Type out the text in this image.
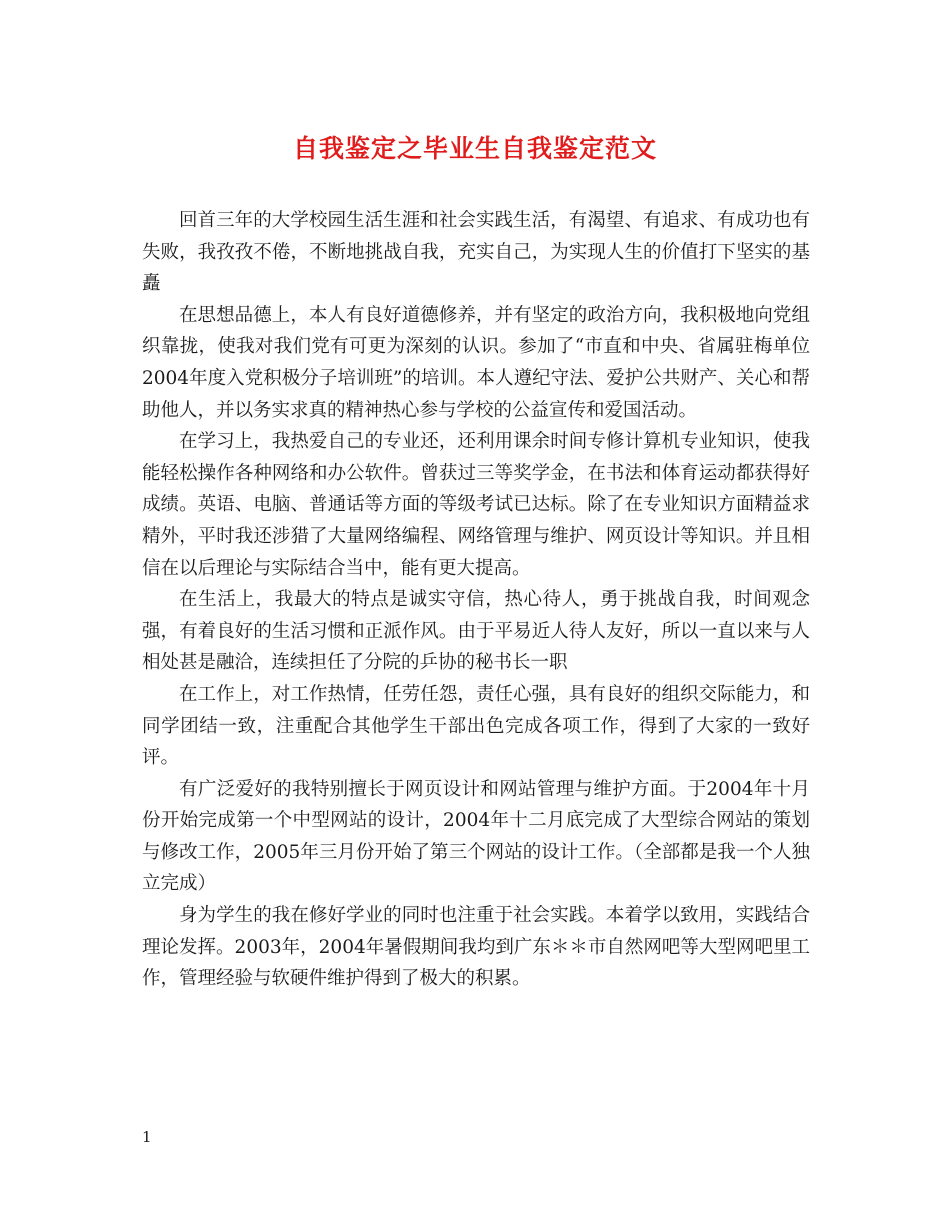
自我鉴定之毕业生自我鉴定范文

回首三年的大学校园生活生涯和社会实践生活，有渴望、有追求、有成功也有失败，我孜孜不倦，不断地挑战自我，充实自己，为实现人生的价值打下坚实的基矗

在思想品德上，本人有良好道德修养，并有坚定的政治方向，我积极地向党组织靠拢，使我对我们党有可更为深刻的认识。参加了“市直和中央、省属驻梅单位2004年度入党积极分子培训班”的培训。本人遵纪守法、爱护公共财产、关心和帮助他人，并以务实求真的精神热心参与学校的公益宣传和爱国活动。

在学习上，我热爱自己的专业还，还利用课余时间专修计算机专业知识，使我能轻松操作各种网络和办公软件。曾获过三等奖学金，在书法和体育运动都获得好成绩。英语、电脑、普通话等方面的等级考试已达标。除了在专业知识方面精益求精外，平时我还涉猎了大量网络编程、网络管理与维护、网页设计等知识。并且相信在以后理论与实际结合当中，能有更大提高。

在生活上，我最大的特点是诚实守信，热心待人，勇于挑战自我，时间观念强，有着良好的生活习惯和正派作风。由于平易近人待人友好，所以一直以来与人相处甚是融洽，连续担任了分院的乒协的秘书长一职

在工作上，对工作热情，任劳任怨，责任心强，具有良好的组织交际能力，和同学团结一致，注重配合其他学生干部出色完成各项工作，得到了大家的一致好评。

有广泛爱好的我特别擅长于网页设计和网站管理与维护方面。于2004年十月份开始完成第一个中型网站的设计，2004年十二月底完成了大型综合网站的策划与修改工作，2005年三月份开始了第三个网站的设计工作。（全部都是我一个人独立完成）

身为学生的我在修好学业的同时也注重于社会实践。本着学以致用，实践结合理论发挥。2003年，2004年暑假期间我均到广东＊＊市自然网吧等大型网吧里工作，管理经验与软硬件维护得到了极大的积累。

1
